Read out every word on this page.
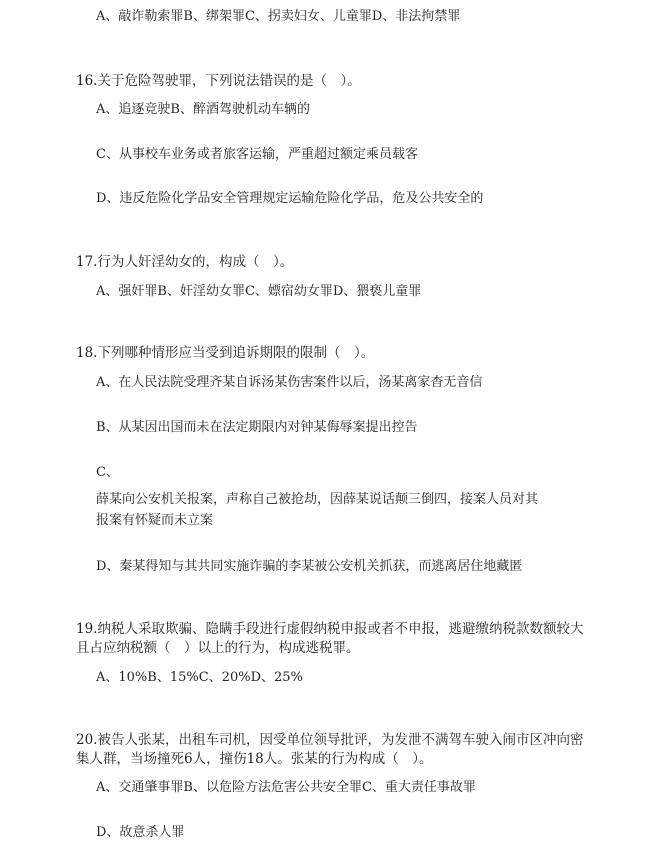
A、敲诈勒索罪B、绑架罪C、拐卖妇女、儿童罪D、非法拘禁罪
16.关于危险驾驶罪，下列说法错误的是（　）。
A、追逐竞驶B、醉酒驾驶机动车辆的
C、从事校车业务或者旅客运输，严重超过额定乘员载客
D、违反危险化学品安全管理规定运输危险化学品，危及公共安全的
17.行为人奸淫幼女的，构成（　）。
A、强奸罪B、奸淫幼女罪C、嫖宿幼女罪D、猥亵儿童罪
18.下列哪种情形应当受到追诉期限的限制（　）。
A、在人民法院受理齐某自诉汤某伤害案件以后，汤某离家杳无音信
B、从某因出国而未在法定期限内对钟某侮辱案提出控告
C、
薛某向公安机关报案，声称自己被抢劫，因薛某说话颠三倒四，接案人员对其
报案有怀疑而未立案
D、秦某得知与其共同实施诈骗的李某被公安机关抓获，而逃离居住地藏匿
19.纳税人采取欺骗、隐瞒手段进行虚假纳税申报或者不申报，逃避缴纳税款数额较大
且占应纳税额（　）以上的行为，构成逃税罪。
A、10%B、15%C、20%D、25%
20.被告人张某，出租车司机，因受单位领导批评，为发泄不满驾车驶入闹市区冲向密
集人群，当场撞死6人，撞伤18人。张某的行为构成（　）。
A、交通肇事罪B、以危险方法危害公共安全罪C、重大责任事故罪
D、故意杀人罪
